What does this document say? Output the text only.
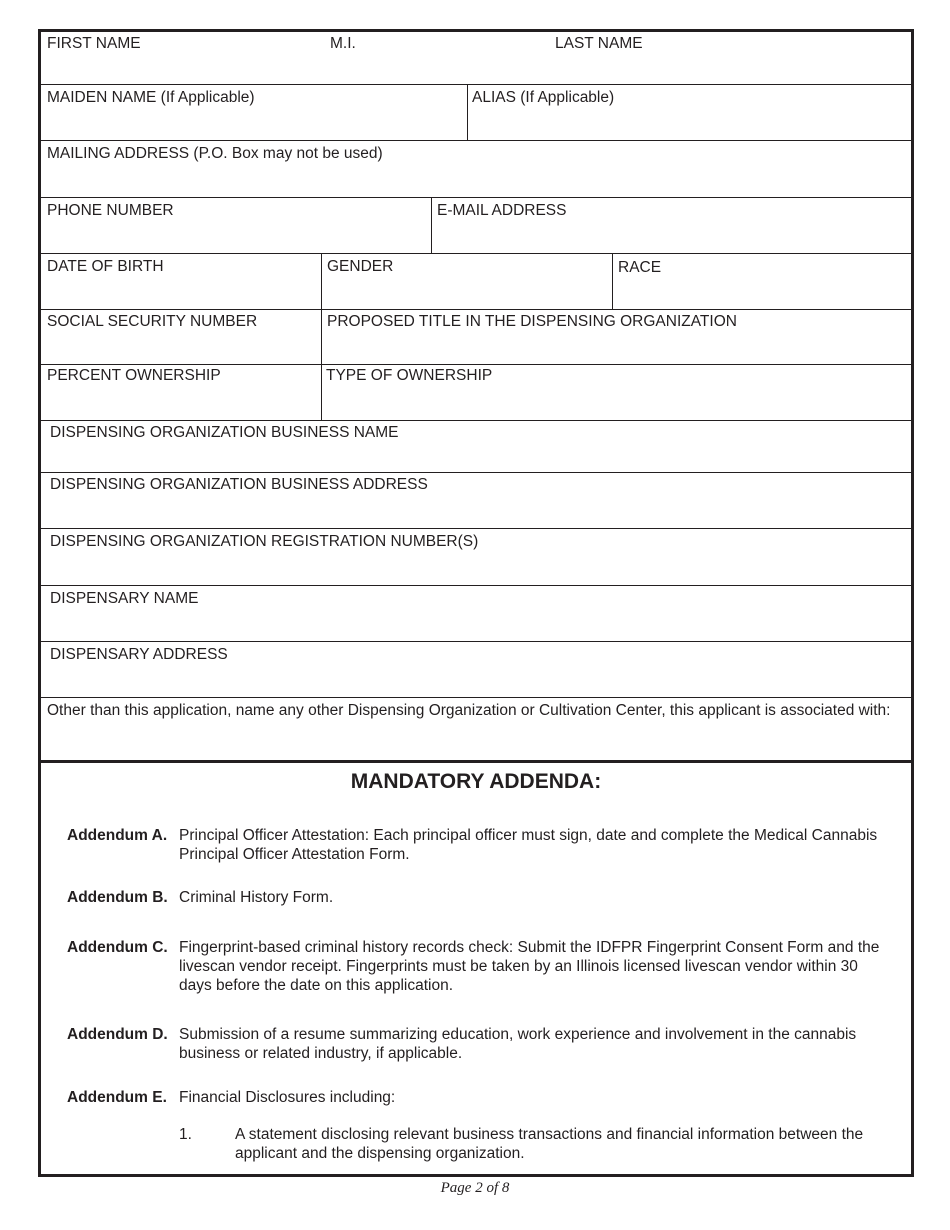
FIRST NAME	M.I.	LAST NAME
MAIDEN NAME (If Applicable)	ALIAS (If Applicable)
MAILING ADDRESS (P.O. Box may not be used)
PHONE NUMBER	E-MAIL ADDRESS
DATE OF BIRTH	GENDER	RACE
SOCIAL SECURITY NUMBER	PROPOSED TITLE IN THE DISPENSING ORGANIZATION
PERCENT OWNERSHIP	TYPE OF OWNERSHIP
DISPENSING ORGANIZATION BUSINESS NAME
DISPENSING ORGANIZATION BUSINESS ADDRESS
DISPENSING ORGANIZATION REGISTRATION NUMBER(S)
DISPENSARY NAME
DISPENSARY ADDRESS
Other than this application, name any other Dispensing Organization or Cultivation Center, this applicant is associated with:
MANDATORY ADDENDA:
Addendum A. Principal Officer Attestation: Each principal officer must sign, date and complete the Medical Cannabis Principal Officer Attestation Form.
Addendum B. Criminal History Form.
Addendum C. Fingerprint-based criminal history records check: Submit the IDFPR Fingerprint Consent Form and the livescan vendor receipt. Fingerprints must be taken by an Illinois licensed livescan vendor within 30 days before the date on this application.
Addendum D. Submission of a resume summarizing education, work experience and involvement in the cannabis business or related industry, if applicable.
Addendum E. Financial Disclosures including:
1.	A statement disclosing relevant business transactions and financial information between the applicant and the dispensing organization.
Page 2 of 8
